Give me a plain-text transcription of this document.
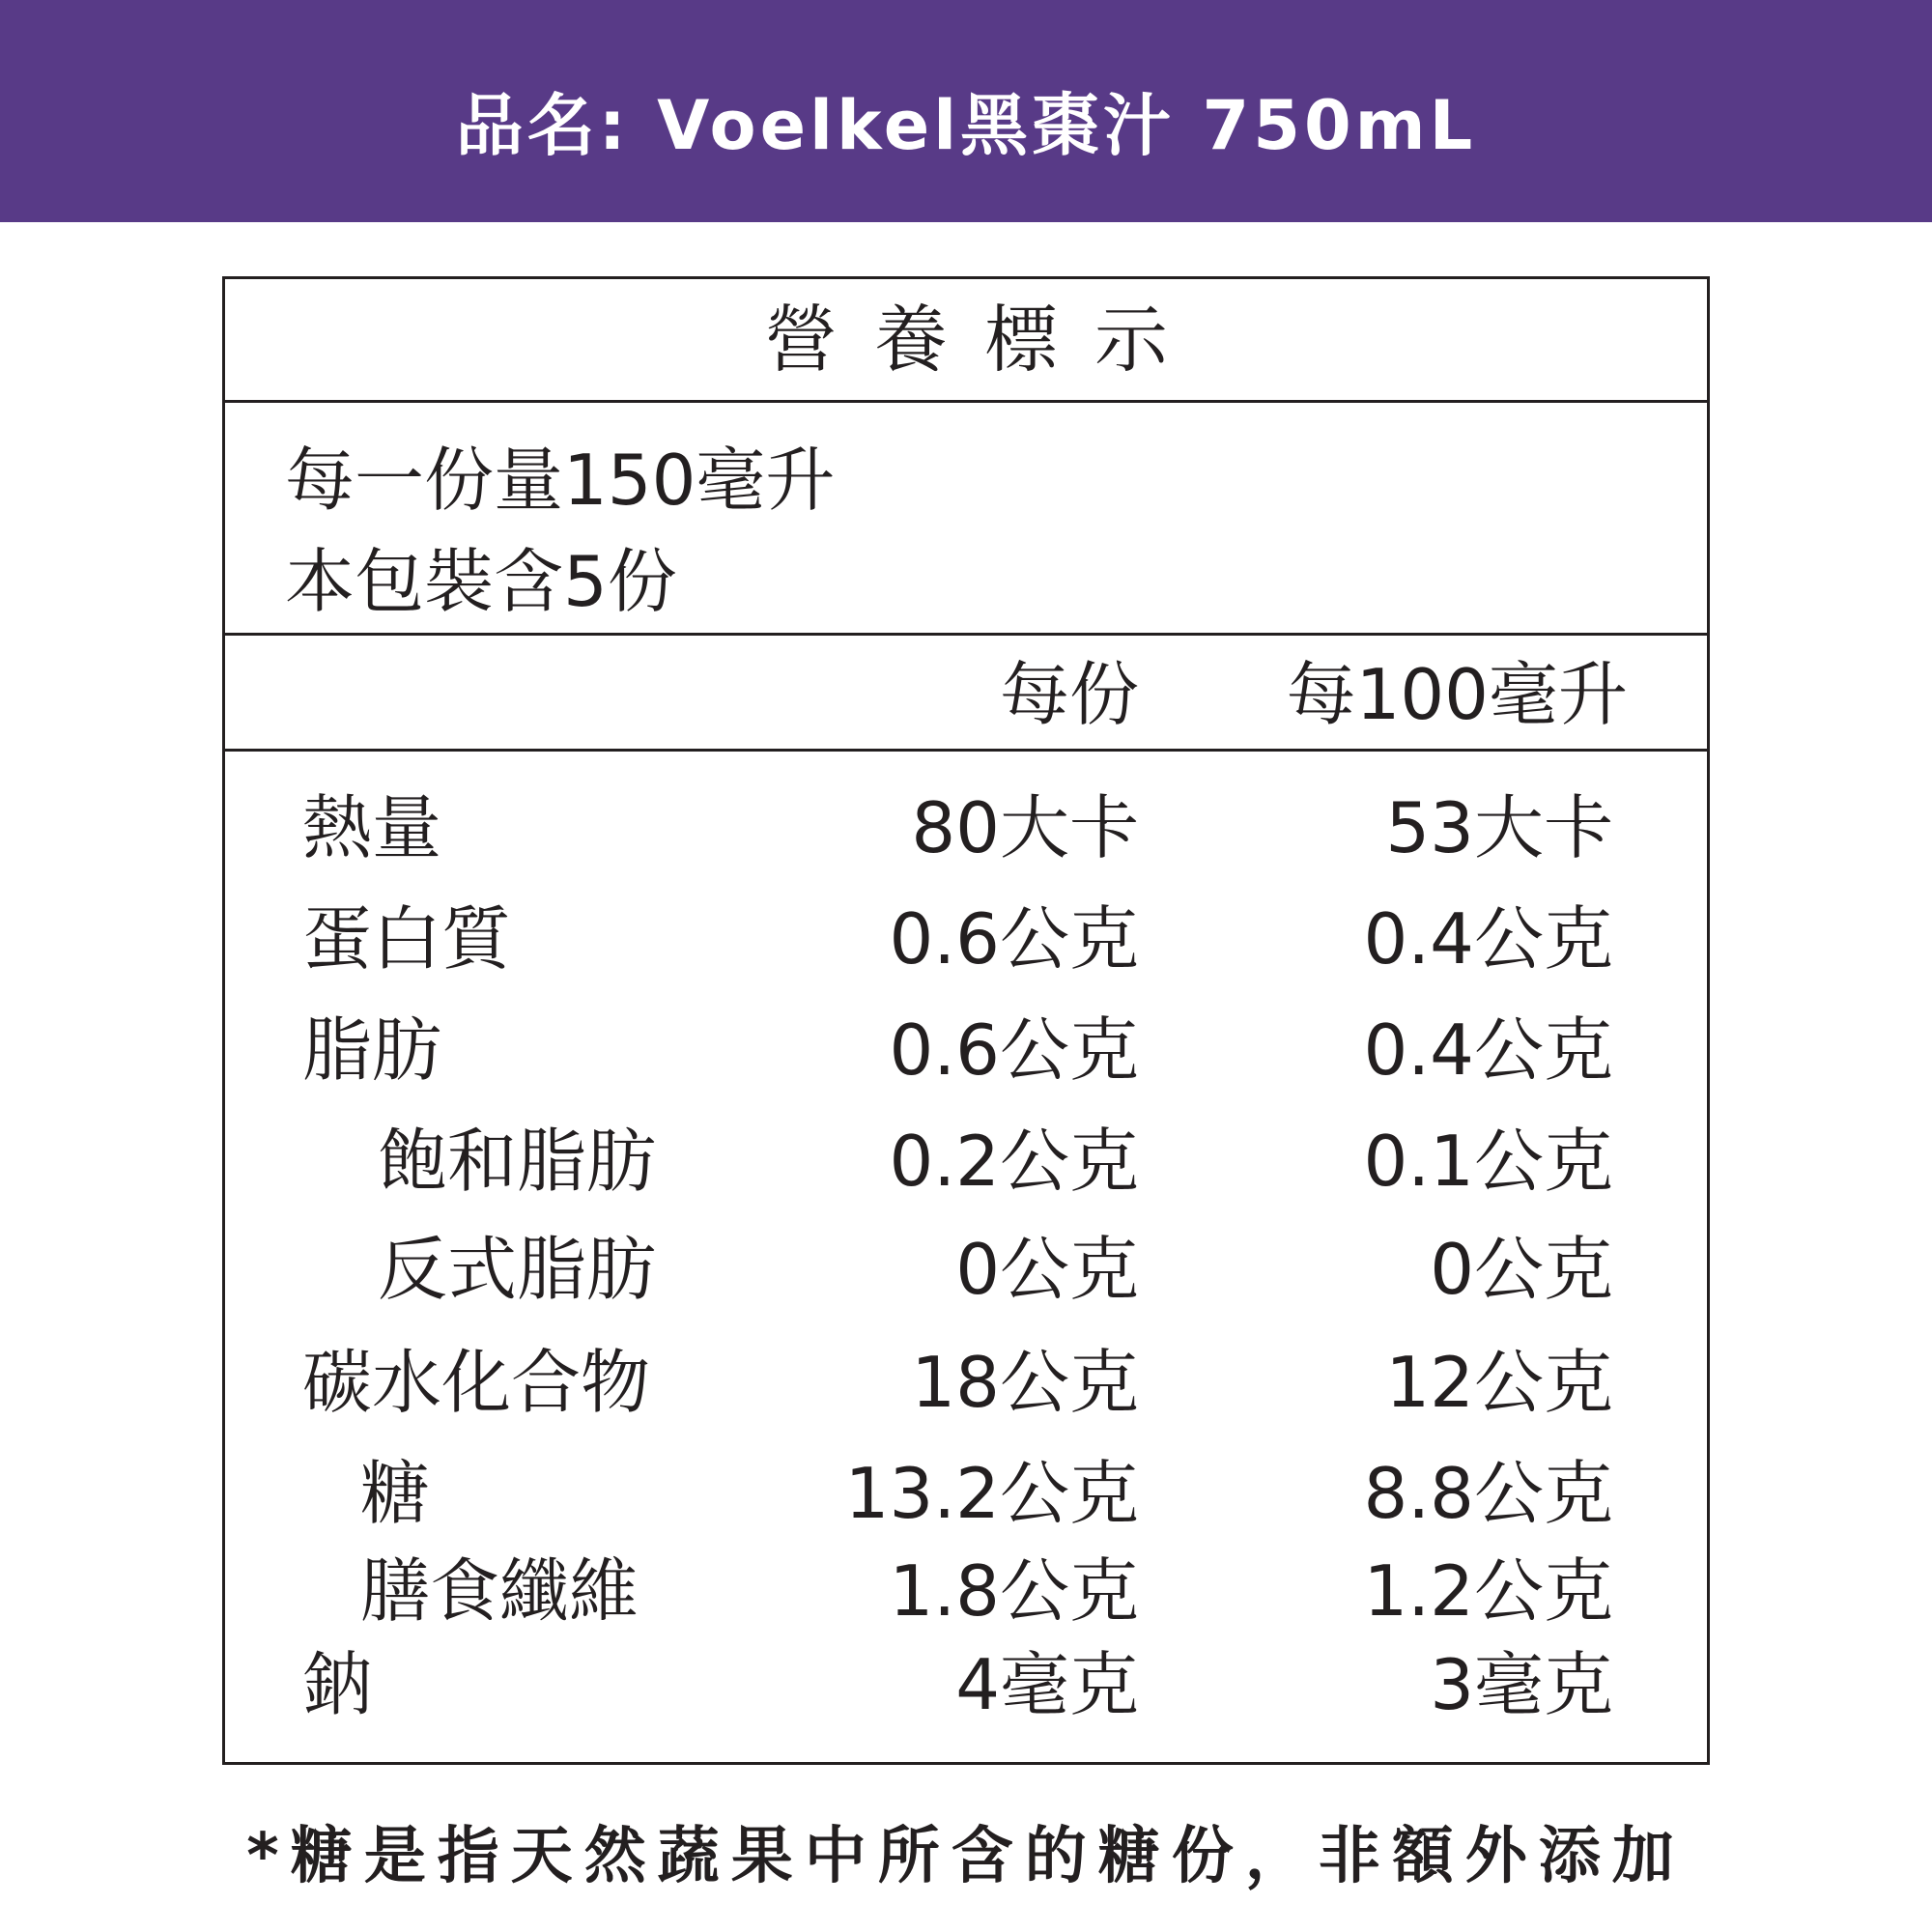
品名: Voelkel黑棗汁 750mL
營養標示
每一份量150毫升
本包裝含5份
每份 每100毫升
熱量	80大卡	53大卡
蛋白質	0.6公克	0.4公克
脂肪	0.6公克	0.4公克
飽和脂肪	0.2公克	0.1公克
反式脂肪	0公克	0公克
碳水化合物	18公克	12公克
糖	13.2公克	8.8公克
膳食纖維	1.8公克	1.2公克
鈉	4毫克	3毫克
*糖是指天然蔬果中所含的糖份，非額外添加
